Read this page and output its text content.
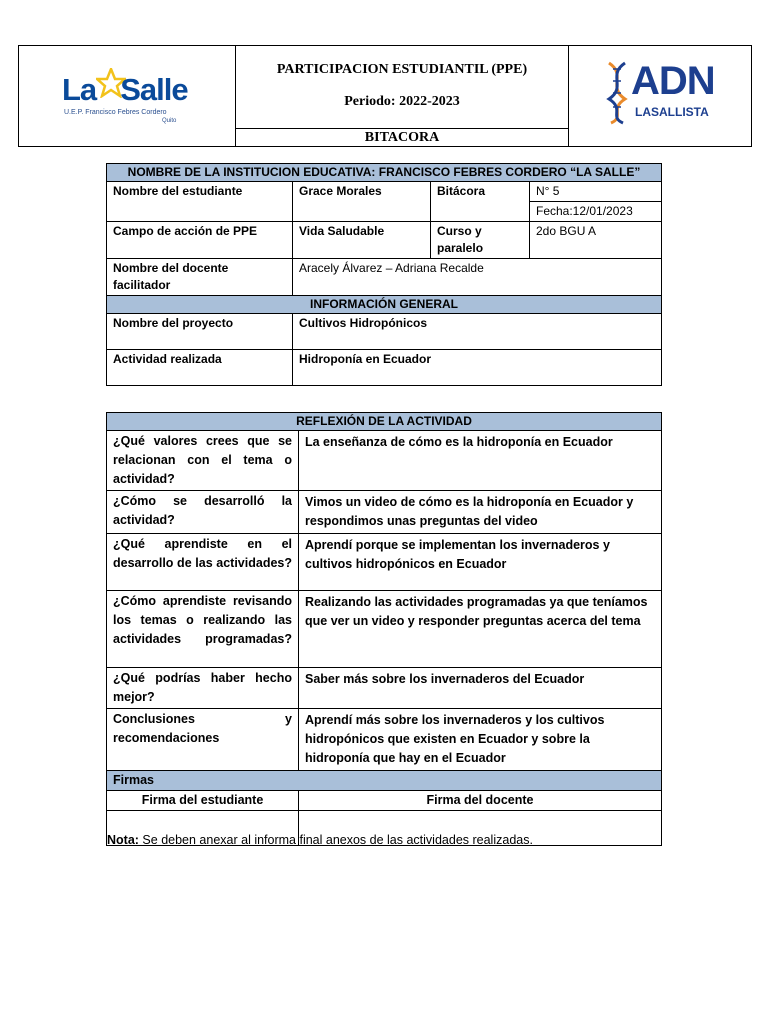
La Salle
U.E.P. Francisco Febres Cordero
Quito

PARTICIPACION ESTUDIANTIL (PPE)
Periodo: 2022-2023	ADN
LASALLISTA

BITACORA
NOMBRE DE LA INSTITUCION EDUCATIVA: FRANCISCO FEBRES CORDERO “LA SALLE”			
Nombre del estudiante	Grace Morales	Bitácora	N° 5
			Fecha:12/01/2023
Campo de acción de PPE	Vida Saludable	Curso y paralelo	2do BGU A
Nombre del docente facilitador	Aracely Álvarez – Adriana Recalde		
INFORMACIÓN GENERAL			
Nombre del proyecto	Cultivos Hidropónicos		
Actividad realizada	Hidroponía en Ecuador		
REFLEXIÓN DE LA ACTIVIDAD	
¿Qué valores crees que se relacionan con el tema o actividad?	La enseñanza de cómo es la hidroponía en Ecuador
¿Cómo se desarrolló la actividad?	Vimos un video de cómo es la hidroponía en Ecuador y respondimos unas preguntas del video
¿Qué aprendiste en el desarrollo de las actividades?	Aprendí porque se implementan los invernaderos y cultivos hidropónicos en Ecuador
¿Cómo aprendiste revisando los temas o realizando las actividades programadas?	Realizando las actividades programadas ya que teníamos que ver un video y responder preguntas acerca del tema
¿Qué podrías haber hecho mejor?	Saber más sobre los invernaderos del Ecuador
Conclusiones y recomendaciones	Aprendí más sobre los invernaderos y los cultivos hidropónicos que existen en Ecuador y sobre la hidroponía que hay en el Ecuador
Firmas	
Firma del estudiante	Firma del docente

Nota: Se deben anexar al informa final anexos de las actividades realizadas.
